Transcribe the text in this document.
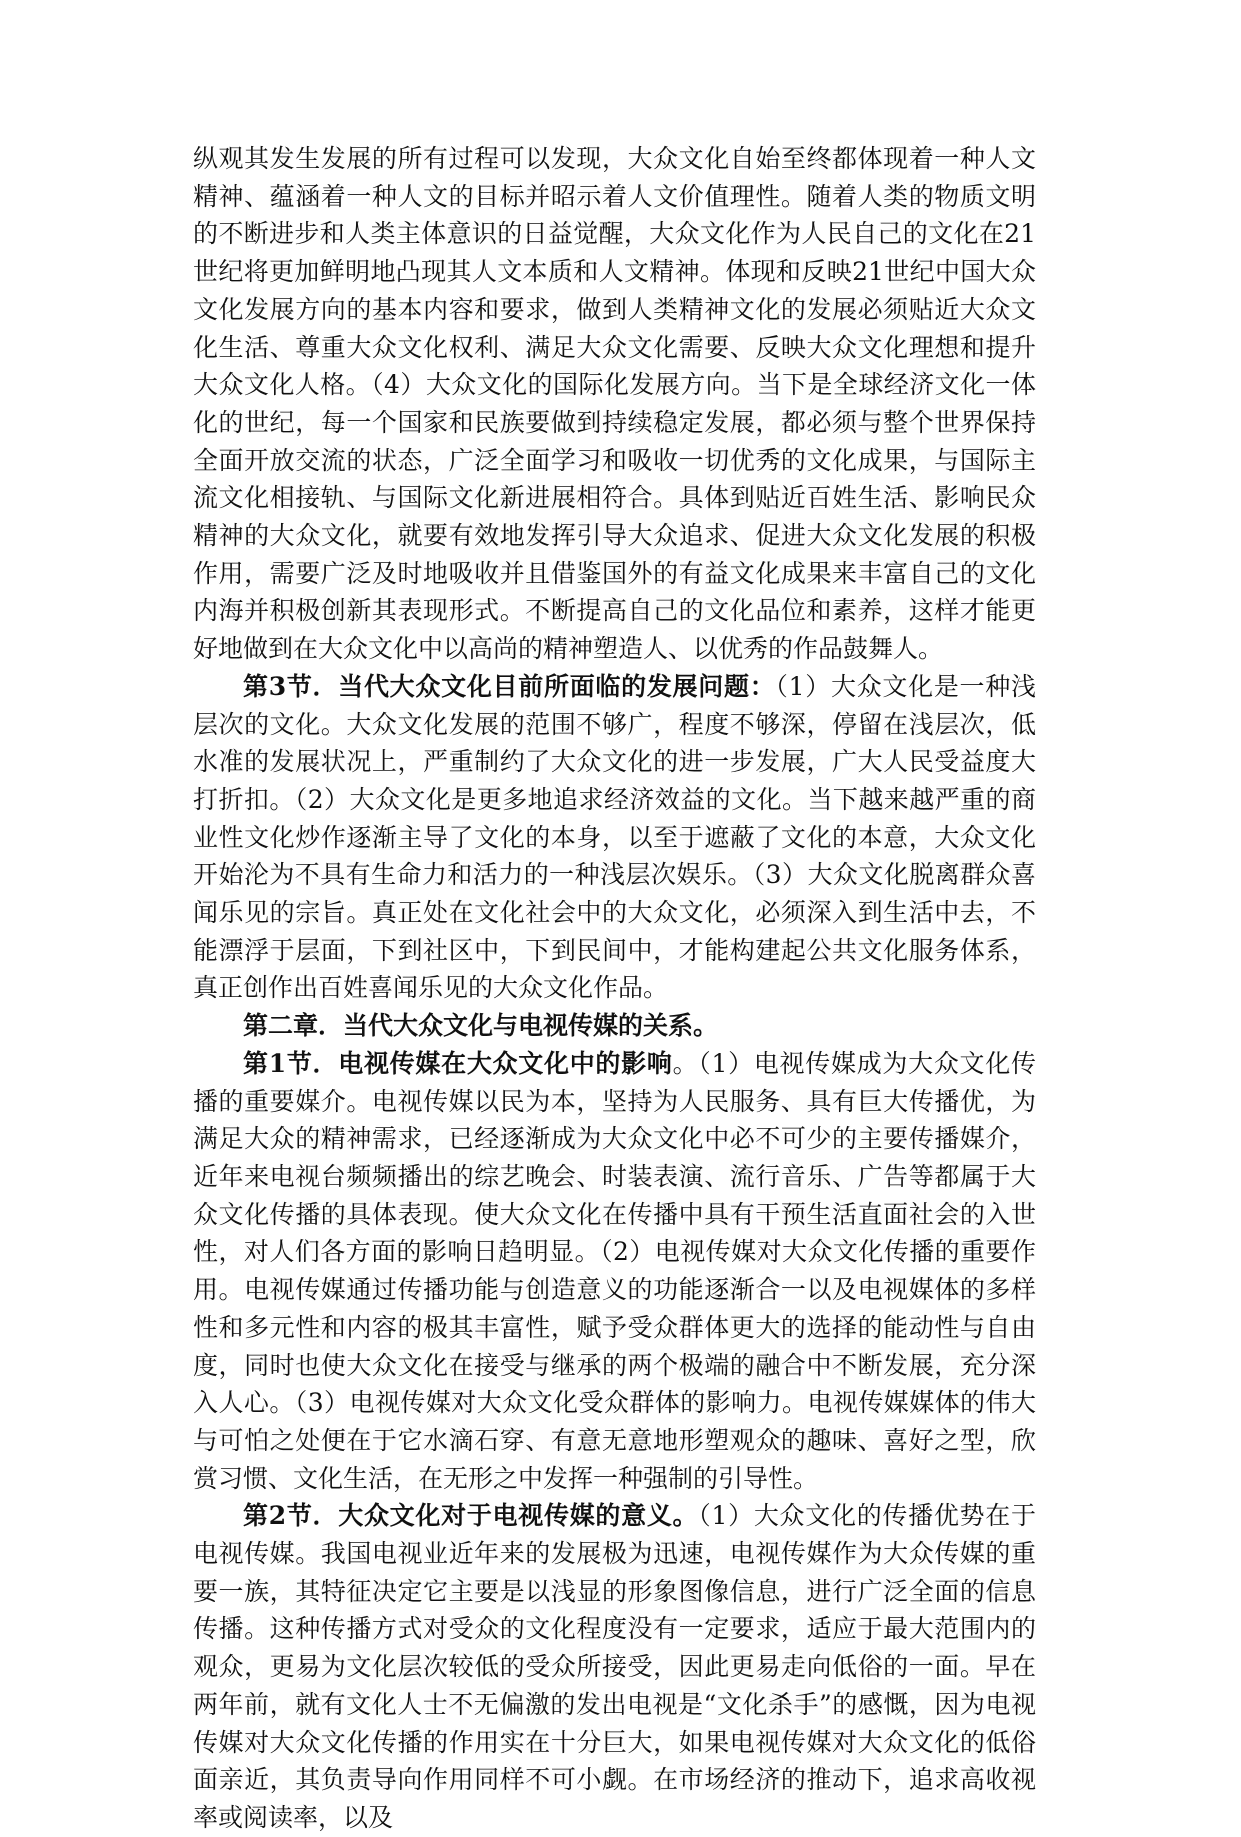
纵观其发生发展的所有过程可以发现，大众文化自始至终都体现着一种人文精神、蕴涵着一种人文的目标并昭示着人文价值理性。随着人类的物质文明的不断进步和人类主体意识的日益觉醒，大众文化作为人民自己的文化在21世纪将更加鲜明地凸现其人文本质和人文精神。体现和反映21世纪中国大众文化发展方向的基本内容和要求，做到人类精神文化的发展必须贴近大众文化生活、尊重大众文化权利、满足大众文化需要、反映大众文化理想和提升大众文化人格。（4）大众文化的国际化发展方向。当下是全球经济文化一体化的世纪，每一个国家和民族要做到持续稳定发展，都必须与整个世界保持全面开放交流的状态，广泛全面学习和吸收一切优秀的文化成果，与国际主流文化相接轨、与国际文化新进展相符合。具体到贴近百姓生活、影响民众精神的大众文化，就要有效地发挥引导大众追求、促进大众文化发展的积极作用，需要广泛及时地吸收并且借鉴国外的有益文化成果来丰富自己的文化内海并积极创新其表现形式。不断提高自己的文化品位和素养，这样才能更好地做到在大众文化中以高尚的精神塑造人、以优秀的作品鼓舞人。

第3节．当代大众文化目前所面临的发展问题：（1）大众文化是一种浅层次的文化。大众文化发展的范围不够广，程度不够深，停留在浅层次，低水准的发展状况上，严重制约了大众文化的进一步发展，广大人民受益度大打折扣。（2）大众文化是更多地追求经济效益的文化。当下越来越严重的商业性文化炒作逐渐主导了文化的本身，以至于遮蔽了文化的本意，大众文化开始沦为不具有生命力和活力的一种浅层次娱乐。（3）大众文化脱离群众喜闻乐见的宗旨。真正处在文化社会中的大众文化，必须深入到生活中去，不能漂浮于层面，下到社区中，下到民间中，才能构建起公共文化服务体系，真正创作出百姓喜闻乐见的大众文化作品。

第二章．当代大众文化与电视传媒的关系。

第1节．电视传媒在大众文化中的影响。（1）电视传媒成为大众文化传播的重要媒介。电视传媒以民为本，坚持为人民服务、具有巨大传播优，为满足大众的精神需求，已经逐渐成为大众文化中必不可少的主要传播媒介，近年来电视台频频播出的综艺晚会、时装表演、流行音乐、广告等都属于大众文化传播的具体表现。使大众文化在传播中具有干预生活直面社会的入世性，对人们各方面的影响日趋明显。（2）电视传媒对大众文化传播的重要作用。电视传媒通过传播功能与创造意义的功能逐渐合一以及电视媒体的多样性和多元性和内容的极其丰富性，赋予受众群体更大的选择的能动性与自由度，同时也使大众文化在接受与继承的两个极端的融合中不断发展，充分深入人心。（3）电视传媒对大众文化受众群体的影响力。电视传媒媒体的伟大与可怕之处便在于它水滴石穿、有意无意地形塑观众的趣味、喜好之型，欣赏习惯、文化生活，在无形之中发挥一种强制的引导性。

第2节．大众文化对于电视传媒的意义。（1）大众文化的传播优势在于电视传媒。我国电视业近年来的发展极为迅速，电视传媒作为大众传媒的重要一族，其特征决定它主要是以浅显的形象图像信息，进行广泛全面的信息传播。这种传播方式对受众的文化程度没有一定要求，适应于最大范围内的观众，更易为文化层次较低的受众所接受，因此更易走向低俗的一面。早在两年前，就有文化人士不无偏激的发出电视是“文化杀手”的感慨，因为电视传媒对大众文化传播的作用实在十分巨大，如果电视传媒对大众文化的低俗面亲近，其负责导向作用同样不可小觑。在市场经济的推动下，追求高收视率或阅读率，以及
